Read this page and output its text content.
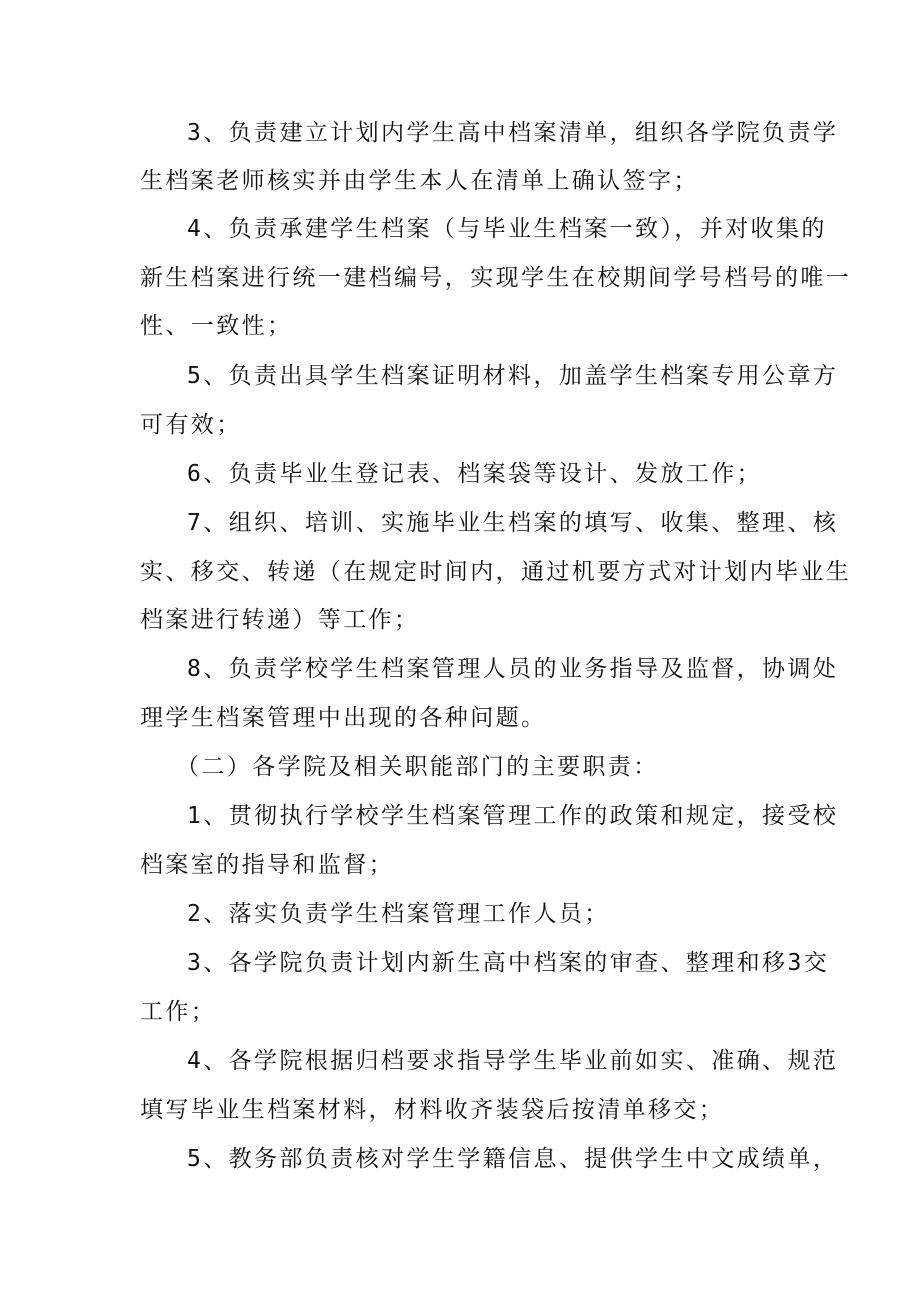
3、负责建立计划内学生高中档案清单，组织各学院负责学
生档案老师核实并由学生本人在清单上确认签字；
4、负责承建学生档案（与毕业生档案一致），并对收集的
新生档案进行统一建档编号，实现学生在校期间学号档号的唯一
性、一致性；
5、负责出具学生档案证明材料，加盖学生档案专用公章方
可有效；
6、负责毕业生登记表、档案袋等设计、发放工作；
7、组织、培训、实施毕业生档案的填写、收集、整理、核
实、移交、转递（在规定时间内，通过机要方式对计划内毕业生
档案进行转递）等工作；
8、负责学校学生档案管理人员的业务指导及监督，协调处
理学生档案管理中出现的各种问题。
（二）各学院及相关职能部门的主要职责：
1、贯彻执行学校学生档案管理工作的政策和规定，接受校
档案室的指导和监督；
2、落实负责学生档案管理工作人员；
3、各学院负责计划内新生高中档案的审查、整理和移3交
工作；
4、各学院根据归档要求指导学生毕业前如实、准确、规范
填写毕业生档案材料，材料收齐装袋后按清单移交；
5、教务部负责核对学生学籍信息、提供学生中文成绩单，
